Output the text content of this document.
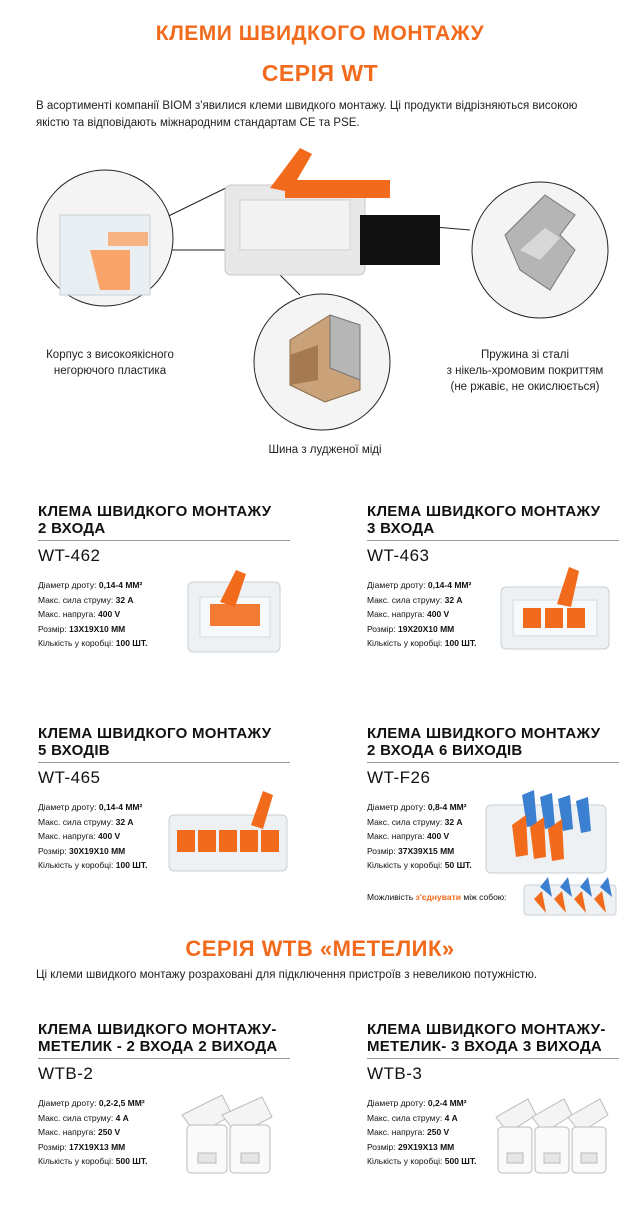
КЛЕМИ ШВИДКОГО МОНТАЖУ
СЕРІЯ WT
В асортименті компанії BIOM з'явилися клеми швидкого монтажу. Ці продукти відрізняються високою якістю та відповідають міжнародним стандартам CE та PSE.
Корпус з високоякісного
негорючого пластика
Пружина зі сталі
з нікель-хромовим покриттям
(не ржавіє, не окислюється)
Шина з лудженої міді
КЛЕМА ШВИДКОГО МОНТАЖУ
2 ВХОДА
WT-462
Діаметр дроту: 0,14-4 ММ²
Макс. сила струму: 32 A
Макс. напруга: 400 V
Розмір: 13X19X10 ММ
Кількість у коробці: 100 ШТ.
КЛЕМА ШВИДКОГО МОНТАЖУ
3 ВХОДА
WT-463
Діаметр дроту: 0,14-4 ММ²
Макс. сила струму: 32 A
Макс. напруга: 400 V
Розмір: 19X20X10 ММ
Кількість у коробці: 100 ШТ.
КЛЕМА ШВИДКОГО МОНТАЖУ
5 ВХОДІВ
WT-465
Діаметр дроту: 0,14-4 ММ²
Макс. сила струму: 32 A
Макс. напруга: 400 V
Розмір: 30X19X10 ММ
Кількість у коробці: 100 ШТ.
КЛЕМА ШВИДКОГО МОНТАЖУ
2 ВХОДА 6 ВИХОДІВ
WT-F26
Діаметр дроту: 0,8-4 ММ²
Макс. сила струму: 32 A
Макс. напруга: 400 V
Розмір: 37X39X15 ММ
Кількість у коробці: 50 ШТ.
Можливість з'єднувати між собою:
СЕРІЯ WTB «МЕТЕЛИК»
Ці клеми швидкого монтажу розраховані для підключення пристроїв з невеликою потужністю.
КЛЕМА ШВИДКОГО МОНТАЖУ-
МЕТЕЛИК - 2 ВХОДА 2 ВИХОДА
WTB-2
Діаметр дроту: 0,2-2,5 ММ²
Макс. сила струму: 4 A
Макс. напруга: 250 V
Розмір: 17X19X13 ММ
Кількість у коробці: 500 ШТ.
КЛЕМА ШВИДКОГО МОНТАЖУ-
МЕТЕЛИК- 3 ВХОДА 3 ВИХОДА
WTB-3
Діаметр дроту: 0,2-4 ММ²
Макс. сила струму: 4 A
Макс. напруга: 250 V
Розмір: 29X19X13 ММ
Кількість у коробці: 500 ШТ.
